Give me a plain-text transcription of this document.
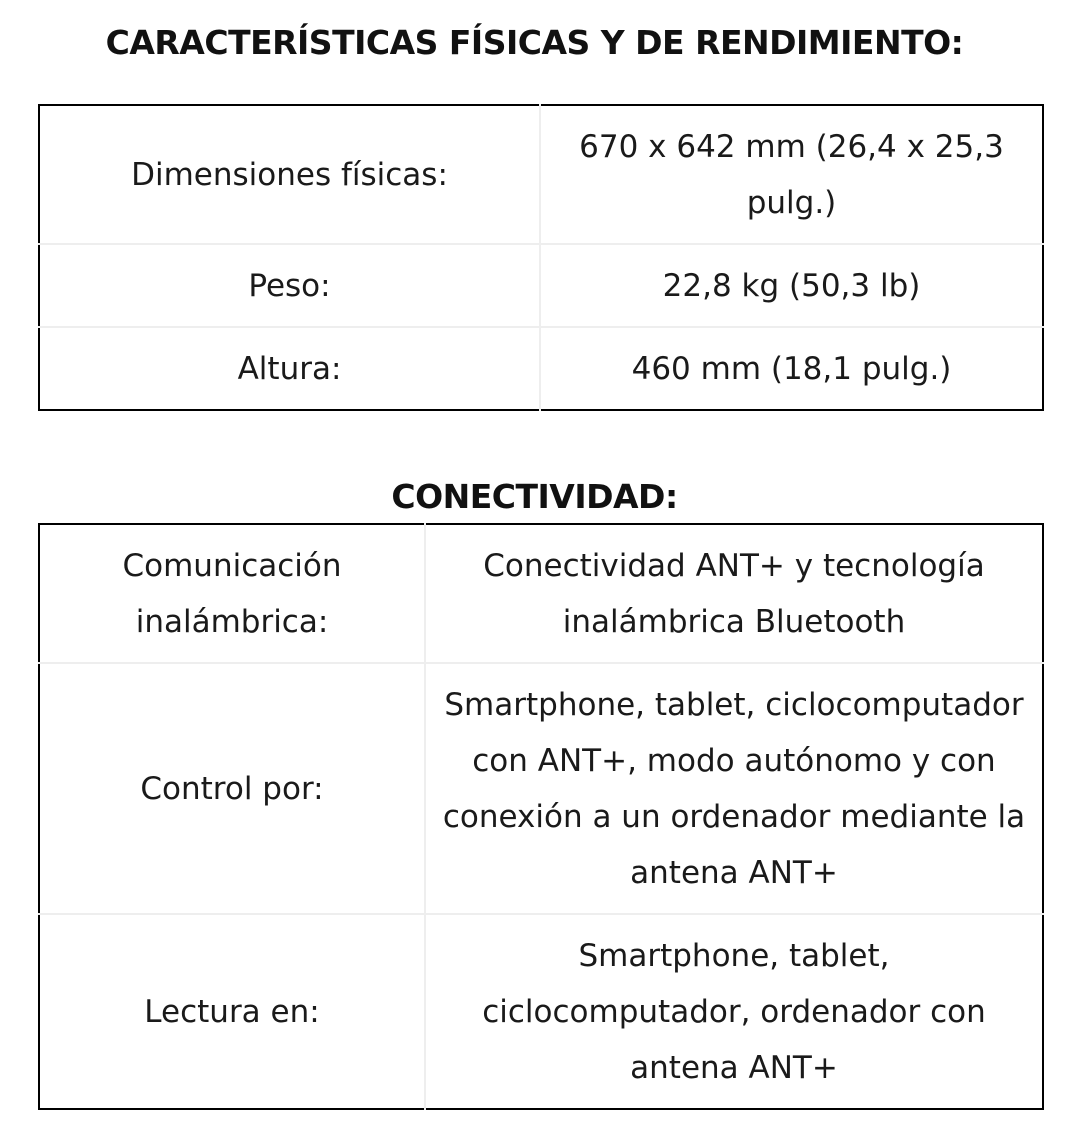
CARACTERÍSTICAS FÍSICAS Y DE RENDIMIENTO:
Dimensiones físicas:	670 x 642 mm (26,4 x 25,3 pulg.)
Peso:	22,8 kg (50,3 lb)
Altura:	460 mm (18,1 pulg.)
CONECTIVIDAD:
Comunicación inalámbrica:	Conectividad ANT+ y tecnología inalámbrica Bluetooth
Control por:	Smartphone, tablet, ciclocomputador con ANT+, modo autónomo y con conexión a un ordenador mediante la antena ANT+
Lectura en:	Smartphone, tablet, ciclocomputador, ordenador con antena ANT+
